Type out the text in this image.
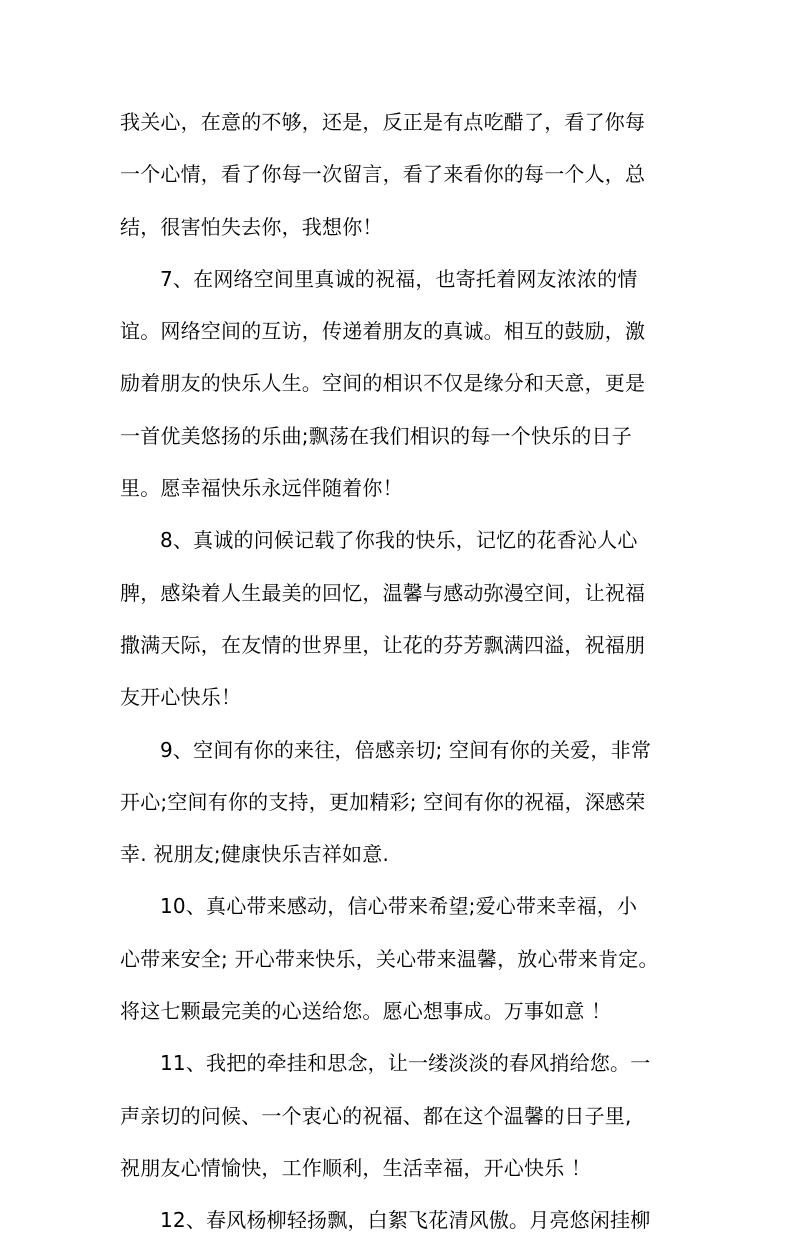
我关心，在意的不够，还是，反正是有点吃醋了，看了你每
一个心情，看了你每一次留言，看了来看你的每一个人，总
结，很害怕失去你，我想你！
7、在网络空间里真诚的祝福，也寄托着网友浓浓的情
谊。网络空间的互访，传递着朋友的真诚。相互的鼓励，激
励着朋友的快乐人生。空间的相识不仅是缘分和天意，更是
一首优美悠扬的乐曲;飘荡在我们相识的每一个快乐的日子
里。愿幸福快乐永远伴随着你！
8、真诚的问候记载了你我的快乐，记忆的花香沁人心
脾，感染着人生最美的回忆，温馨与感动弥漫空间，让祝福
撒满天际，在友情的世界里，让花的芬芳飘满四溢，祝福朋
友开心快乐！
9、空间有你的来往，倍感亲切; 空间有你的关爱，非常
开心;空间有你的支持，更加精彩; 空间有你的祝福，深感荣
幸. 祝朋友;健康快乐吉祥如意.
10、真心带来感动，信心带来希望;爱心带来幸福，小
心带来安全; 开心带来快乐，关心带来温馨，放心带来肯定。
将这七颗最完美的心送给您。愿心想事成。万事如意 ！
11、我把的牵挂和思念，让一缕淡淡的春风捎给您。一
声亲切的问候、一个衷心的祝福、都在这个温馨的日子里,
祝朋友心情愉快，工作顺利，生活幸福，开心快乐 ！
12、春风杨柳轻扬飘，白絮飞花清风傲。月亮悠闲挂柳
